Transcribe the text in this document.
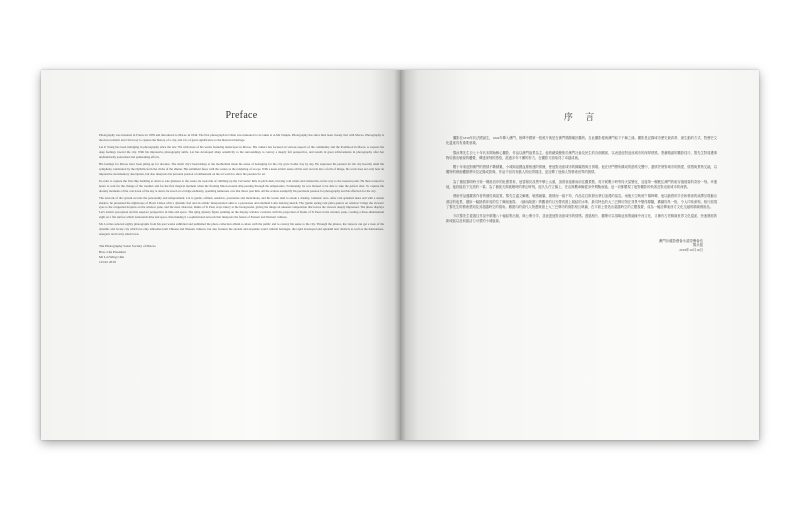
Preface

Photography was invented in France in 1839 and introduced to Macao in 1844. The first photograph in China was rumoured to be taken at A-Ma Temple. Photography has since then been closely tied with Macao. Photography is the most realistic and vivid way to capture the history of a city, and it is of great significance to the historical heritage.

Lai U Wong has been indulging in photography since the late '70s with most of his works featuring landscapes in Macao. His camera has focused on various aspects of the community and the livelihood in Macao to express his deep feelings toward the city. With his impressive photography skills, Lai has developed sharp sensitivity to the surroundings to convey a deeply felt perspective, and results in great achievements in photography after her undisturbedly patronized and painstaking efforts.

His feelings for Macao have been piling up for decades. The small city's heartstrings to the motherland made his sense of belonging for the city grow bolder day by day. He expresses his passion for his city heartily amid the symphony constituted by the rhythms from the clicks of the shutter. His sentiment fuses with the scenes as the rendering of an eye. With a keen artistic sense all his own records into a form of image, his work does not only bear an impressive documentary description, but also interprets his personal passion of enthusiasm on the art world to show his passion for art.

In order to capture the first ship berthing at dawn to sale glamour to the scene, he took risk of climbing up the Cervantes' hills in pitch dark, braving cold winds and rainstorms on the way to the lookout point. He then waited for hours to wait for the change of the weather and for the first magical moment when the floating Macao-bound ship passing through the temperature. Fortunately, he was blessed to be able to take the perfect shot. To capture the dreamy moments of the cast dawn of the sky at dawn, he stood on a bridge endlessly, spending numerous cars that threw past him. All the actions exemplify his persistent passion for photography and his affection for the city.

The artwork of the system records the personality and temperament. Lai is gentle, refined, sensitive, passionate and meticulous, and his works tend to exude a dreamy, romantic aura. After rain splashed skies and with a sunset shadow, he presented the nightscape of Hotel Lisboa with a dynamic feel and an artistic interpretation akin to a passionate and ebullient Latin dancing sketch. The 'gentle spring rain pitter-patters on window' brings the viewers' eyes to the congealed droplets on the window pane, and the most character, Ruins of St Paul, stays blurry at the background, giving the image an unusual composition that leaves the viewers deeply impressed. The photo displays Lai's artistic perception and his superior perspective in time and space. The Qing dynasty figure painting on the display window contrasts with the projection of Ruins of St Paul on the window pane, creating a three-dimensional sight on a flat surface which transcends time and space, thus making it a sophisticated artwork that interprets the fusion of Eastern and Western cultures.

Mr. Lai has selected eighty photographs from his past works exhibited and published the photo collection album to share with the public and to convey his sense to the city. Through the photos, the viewers can get a taste of the dynamic and lovely city which not only embodies both Chinese and Western cultures, but also features the ancient and exquisite world cultural heritages, the rapid developed and splendid new districts as well as the harmonious, energetic and lovely small town.

The Photography Salon Society of Macao
Hon. Life President
Mr Lai Wing Chin
10 Oct 2019
序 言

攝影在1839年於法國誕生，1844年傳入澳門，相傳中國第一張照片就是在澳門媽閣廟拍攝的。自此攝影便與澳門結下不解之緣。攝影是記錄城市歷史最真實、最生動的方式，對歷史文化遺產具有重要意義。

黎汝華先生自七十年代末開始醉心攝影，作品以澳門風景為主。他的鏡頭聚焦於澳門社會及民生的各個層面，以表達他對這座城市的深厚情感。憑藉精湛的攝影技巧，黎先生對周遭事物培養出敏銳的觸覺，傳達深刻的感悟，經過多年不懈的努力，在攝影方面取得了卓越成就。

數十年來他對澳門的感情不斷積累，小城與祖國血脈相連的情懷，使他對這座城市的歸屬感與日俱增。他在快門聲所構成的節奏交響中，盡情抒發對城市的熱愛，情感與景物交融，以獨特的藝術觸覺將所見記錄成影像，作品不但具有動人的紀實描述，更詮釋了他個人對藝術世界的熱情。

為了捕捉黎明時分第一艘船泊岸的壯麗景象，他冒險於漆黑中攀上山頭，頂著寒風暴雨前往觀景點，再守候數小時等待天氣變化，迎接第一艘駛往澳門的船穿過晨霧的奇妙一刻。幸運地，他終能拍下完美的一幕。為了捕捉天際破曉時的夢幻時刻，他久久佇立橋上，任由無數車輛從身旁飛馳而過。這一切都體現了他對攝影的執著及對這座城市的深情。

藝術作品蘊藏著作者的個性與氣質。黎先生溫文爾雅、敏感細膩、熱情而一絲不苟，作品往往散發出夢幻浪漫的氣息。雨後天空映照夕陽餘暉，他以動感的手法和藝術的演繹呈現葡京酒店的夜景，猶如一幅熱情奔放的拉丁舞蹈速寫。《細雨敲窗》將觀者的目光帶到窗上凝結的水珠，最具特色的大三巴牌坊則在背景中變得朦朧，構圖別具一格，令人印象深刻。相片展現了黎先生的藝術感知及其超越時空的視角。櫥窗內的清代人物畫與窗上大三巴牌坊的倒影相互映襯，在平面上營造出超越時空的立體視覺，成為一幅詮釋東西方文化交融的精緻藝術品。

今次黎先生從過往作品中精選八十幅結集出版，與公眾分享，並表達他對這座城市的情感。透過相片，觀眾可以領略這座既融匯中西文化、又擁有古老精緻世界文化遺產、快速發展的新城區以及和諧活力可愛的小城風貌。

澳門沙龍影藝會永遠榮譽會長
黎永振
2019年10月10日
